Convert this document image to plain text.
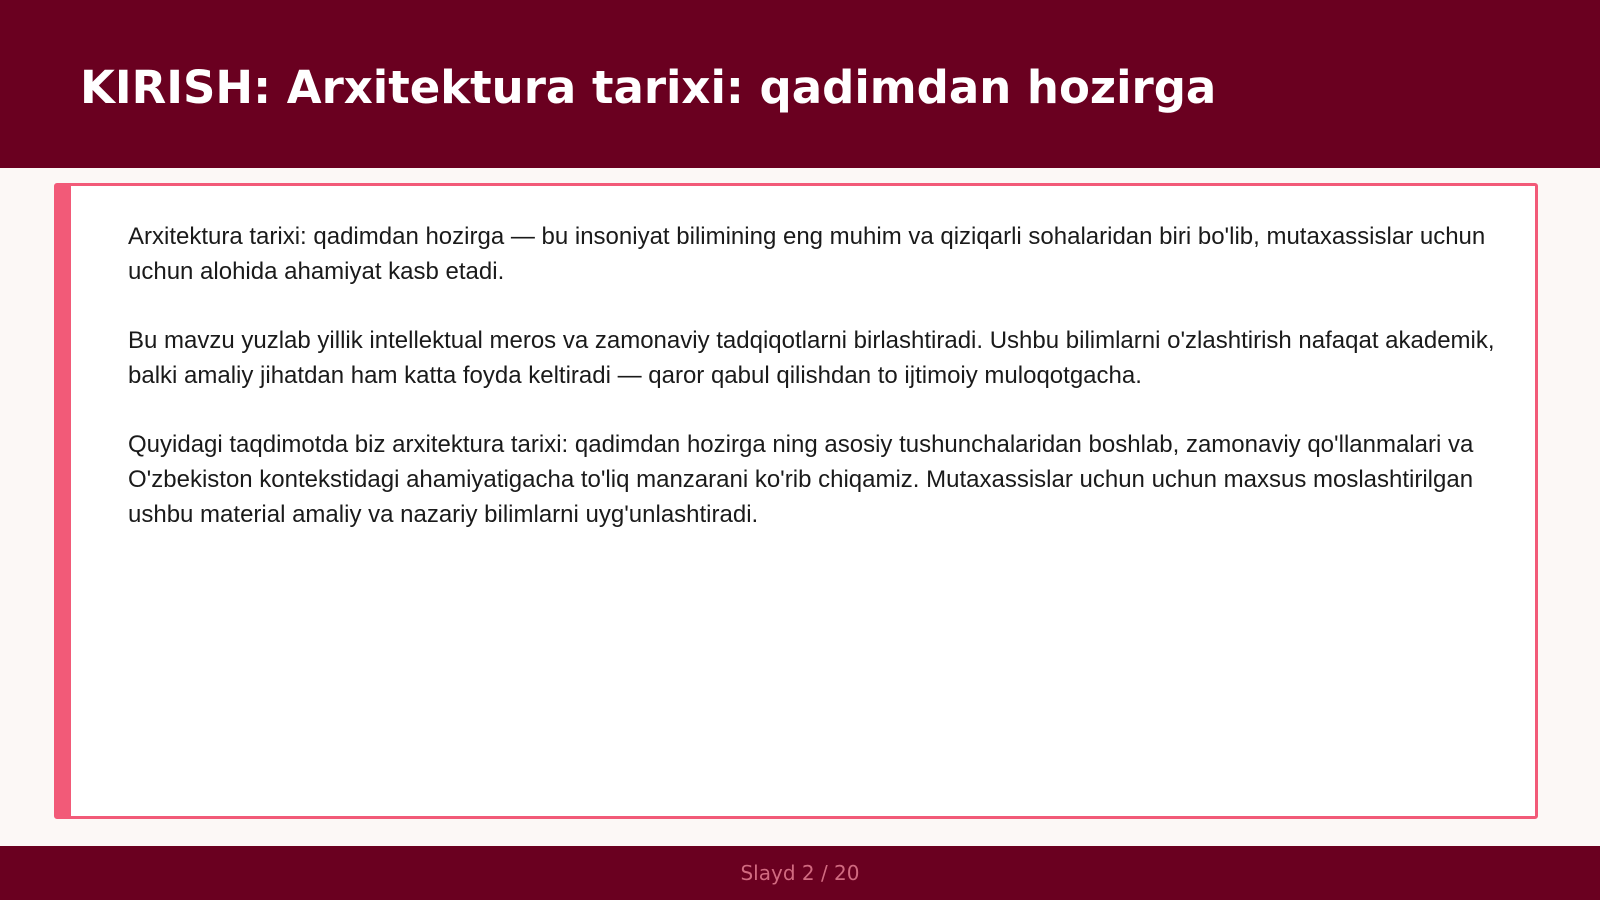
KIRISH: Arxitektura tarixi: qadimdan hozirga

Arxitektura tarixi: qadimdan hozirga — bu insoniyat bilimining eng muhim va qiziqarli sohalaridan biri bo'lib, mutaxassislar uchun uchun alohida ahamiyat kasb etadi.

Bu mavzu yuzlab yillik intellektual meros va zamonaviy tadqiqotlarni birlashtiradi. Ushbu bilimlarni o'zlashtirish nafaqat akademik, balki amaliy jihatdan ham katta foyda keltiradi — qaror qabul qilishdan to ijtimoiy muloqotgacha.

Quyidagi taqdimotda biz arxitektura tarixi: qadimdan hozirga ning asosiy tushunchalaridan boshlab, zamonaviy qo'llanmalari va O'zbekiston kontekstidagi ahamiyatigacha to'liq manzarani ko'rib chiqamiz. Mutaxassislar uchun uchun maxsus moslashtirilgan ushbu material amaliy va nazariy bilimlarni uyg'unlashtiradi.

Slayd 2 / 20
